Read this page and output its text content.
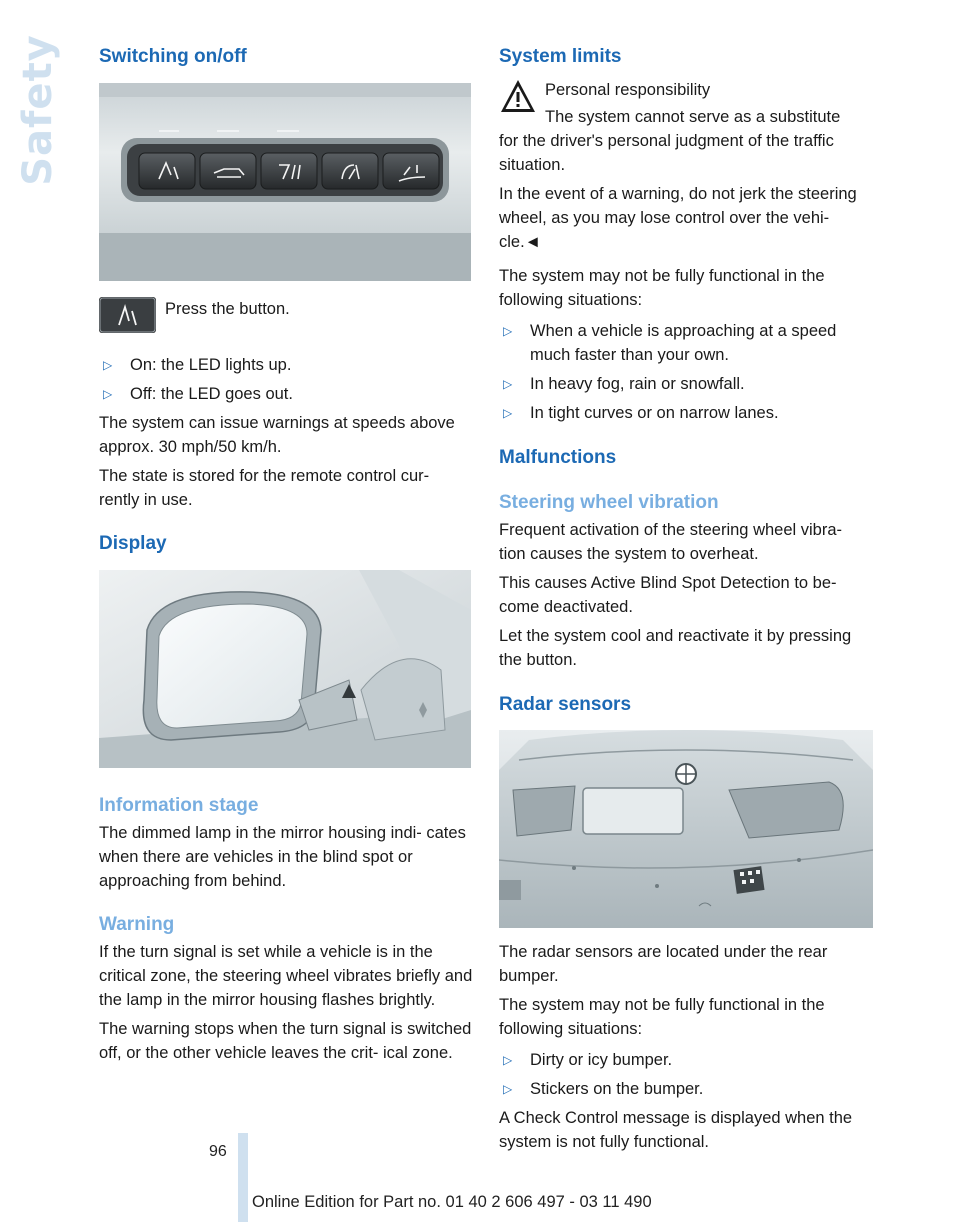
Safety Switching on/off

Press the button.

▷ On: the LED lights up.
▷ Off: the LED goes out.

The system can issue warnings at speeds above approx. 30 mph/50 km/h.

The state is stored for the remote control cur- rently in use.

Display
Information stage

The dimmed lamp in the mirror housing indi- cates when there are vehicles in the blind spot or approaching from behind.

Warning

If the turn signal is set while a vehicle is in the critical zone, the steering wheel vibrates briefly and the lamp in the mirror housing flashes brightly.

The warning stops when the turn signal is switched off, or the other vehicle leaves the crit- ical zone.

System limits

Personal responsibility

The system cannot serve as a substitute

for the driver's personal judgment of the traffic situation.

In the event of a warning, do not jerk the steering wheel, as you may lose control over the vehi- cle.◄

The system may not be fully functional in the following situations:

▷ When a vehicle is approaching at a speed much faster than your own.
▷ In heavy fog, rain or snowfall.
▷ In tight curves or on narrow lanes.
Malfunctions
Steering wheel vibration

Frequent activation of the steering wheel vibra- tion causes the system to overheat.

This causes Active Blind Spot Detection to be- come deactivated.

Let the system cool and reactivate it by pressing the button.

Radar sensors

The radar sensors are located under the rear bumper.

The system may not be fully functional in the following situations:

▷ Dirty or icy bumper.
▷ Stickers on the bumper.

A Check Control message is displayed when the system is not fully functional.

96
Online Edition for Part no. 01 40 2 606 497 - 03 11 490
